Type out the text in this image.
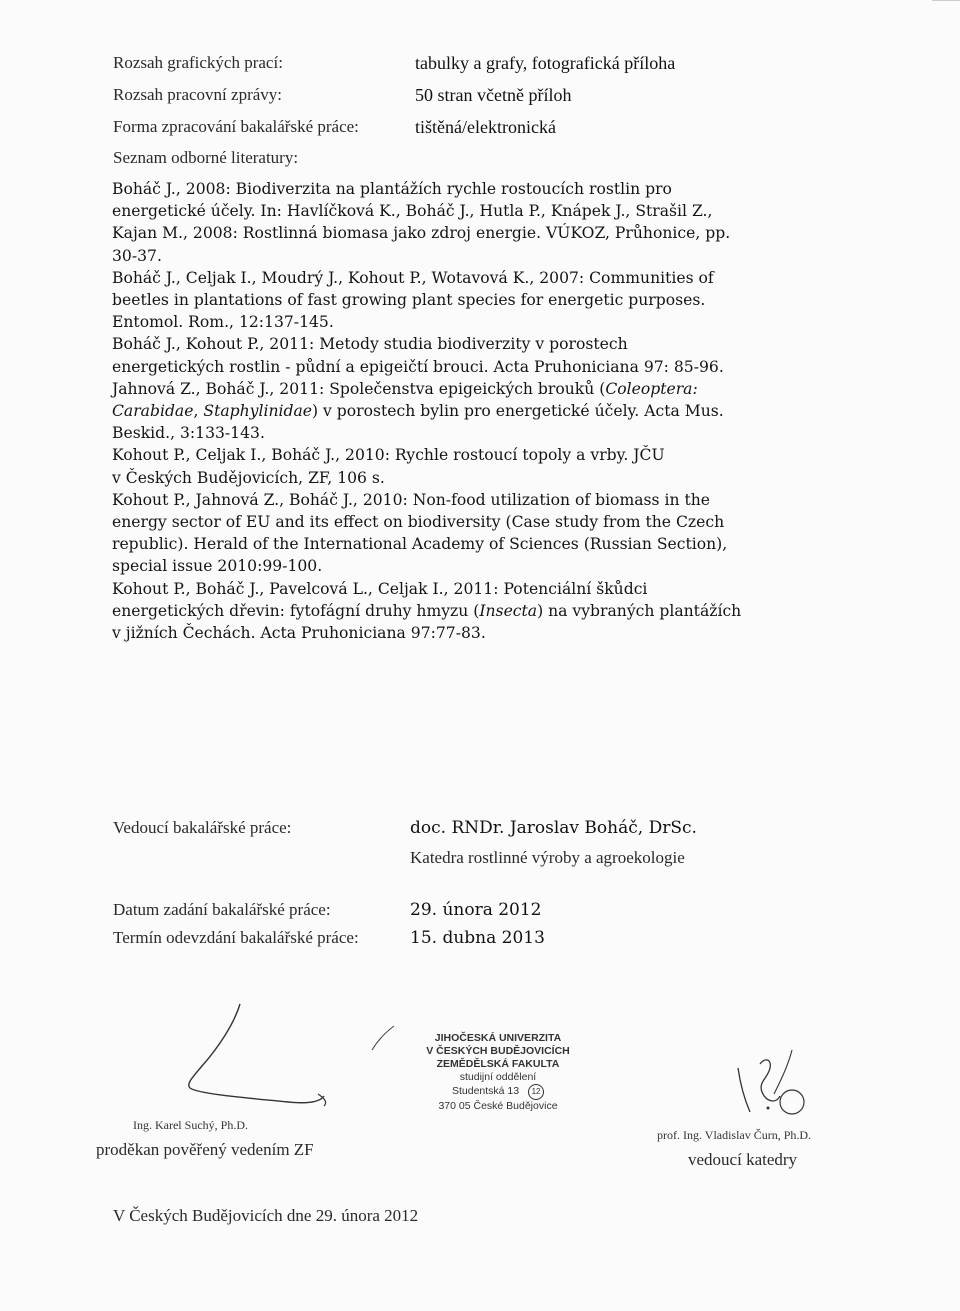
Rozsah grafických prací:	tabulky a grafy, fotografická příloha
Rozsah pracovní zprávy:	50 stran včetně příloh
Forma zpracování bakalářské práce:	tištěná/elektronická
Seznam odborné literatury:
Boháč J., 2008: Biodiverzita na plantážích rychle rostoucích rostlin pro
energetické účely. In: Havlíčková K., Boháč J., Hutla P., Knápek J., Strašil Z.,
Kajan M., 2008: Rostlinná biomasa jako zdroj energie. VÚKOZ, Průhonice, pp.
30-37.
Boháč J., Celjak I., Moudrý J., Kohout P., Wotavová K., 2007: Communities of
beetles in plantations of fast growing plant species for energetic purposes.
Entomol. Rom., 12:137-145.
Boháč J., Kohout P., 2011: Metody studia biodiverzity v porostech
energetických rostlin - půdní a epigeičtí brouci. Acta Pruhoniciana 97: 85-96.
Jahnová Z., Boháč J., 2011: Společenstva epigeických brouků (Coleoptera:
Carabidae, Staphylinidae) v porostech bylin pro energetické účely. Acta Mus.
Beskid., 3:133-143.
Kohout P., Celjak I., Boháč J., 2010: Rychle rostoucí topoly a vrby. JČU
v Českých Budějovicích, ZF, 106 s.
Kohout P., Jahnová Z., Boháč J., 2010: Non-food utilization of biomass in the
energy sector of EU and its effect on biodiversity (Case study from the Czech
republic). Herald of the International Academy of Sciences (Russian Section),
special issue 2010:99-100.
Kohout P., Boháč J., Pavelcová L., Celjak I., 2011: Potenciální škůdci
energetických dřevin: fytofágní druhy hmyzu (Insecta) na vybraných plantážích
v jižních Čechách. Acta Pruhoniciana 97:77-83.
Vedoucí bakalářské práce:	doc. RNDr. Jaroslav Boháč, DrSc.
Katedra rostlinné výroby a agroekologie
Datum zadání bakalářské práce:	29. února 2012
Termín odevzdání bakalářské práce:	15. dubna 2013
JIHOČESKÁ UNIVERZITA
V ČESKÝCH BUDĚJOVICÍCH
ZEMĚDĚLSKÁ FAKULTA
studijní oddělení
Studentská 13 12
370 05 České Budějovice
Ing. Karel Suchý, Ph.D.
proděkan pověřený vedením ZF
prof. Ing. Vladislav Čurn, Ph.D.
vedoucí katedry
V Českých Budějovicích dne 29. února 2012
